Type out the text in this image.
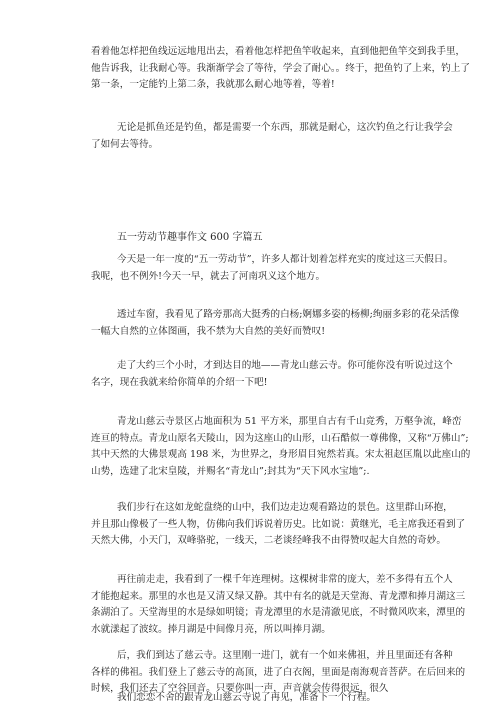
看着他怎样把鱼线远远地甩出去，看着他怎样把鱼竿收起来，直到他把鱼竿交到我手里，
他告诉我，让我耐心等。我渐渐学会了等待，学会了耐心。。终于，把鱼钓了上来，钓上了
第一条，一定能钓上第二条，我就那么耐心地等着，等着!

无论是抓鱼还是钓鱼，都是需要一个东西，那就是耐心，这次钓鱼之行让我学会
了如何去等待。

五一劳动节趣事作文 600 字篇五

今天是一年一度的“五一劳动节”，许多人都计划着怎样充实的度过这三天假日。
我呢，也不例外!今天一早，就去了河南巩义这个地方。

透过车窗，我看见了路旁那高大挺秀的白杨;婀娜多姿的杨柳;绚丽多彩的花朵活像
一幅大自然的立体图画，我不禁为大自然的美好而赞叹!

走了大约三个小时，才到达目的地——青龙山慈云寺。你可能你没有听说过这个
名字，现在我就来给你简单的介绍一下吧!

青龙山慈云寺景区占地面积为 51 平方米，那里自古有千山竞秀，万壑争流，峰峦
连亘的特点。青龙山原名天陵山，因为这座山的山形，山石酷似一尊佛像，又称“万佛山”;
其中天然的大佛景观高 198 米，为世界之，身形眉目宛然若真。宋太祖赵匡胤以此座山的
山势，选建了北宋皇陵，并赐名“青龙山”;封其为“天下风水宝地”;.

我们步行在这如龙蛇盘绕的山中，我们边走边观看路边的景色。这里群山环抱，
并且那山像极了一些人物，仿佛向我们诉说着历史。比如说：黄继光，毛主席我还看到了
天然大佛，小天门，双峰骆驼，一线天，二老谈经峰我不由得赞叹起大自然的奇妙。

再往前走走，我看到了一棵千年连理树。这棵树非常的庞大，差不多得有五个人
才能抱起来。那里的水也是又清又绿又静。其中有名的就是天堂海、青龙潭和捧月湖这三
条湖泊了。天堂海里的水是绿如明镜；青龙潭里的水是清澈见底，不时微风吹来，潭里的
水就漾起了波纹。捧月湖是中间像月亮，所以叫捧月湖。

后，我们到达了慈云寺。这里刚一进门，就有一个如来佛祖，并且里面还有各种
各样的佛祖。我们登上了慈云寺的高顶，进了白衣阁，里面是南海观音菩萨。在后回来的
时候，我们还去了空谷回音。只要你叫一声，声音就会传得很远，很久

我们恋恋不舍的跟青龙山慈云寺说了再见，准备下一个行程。
